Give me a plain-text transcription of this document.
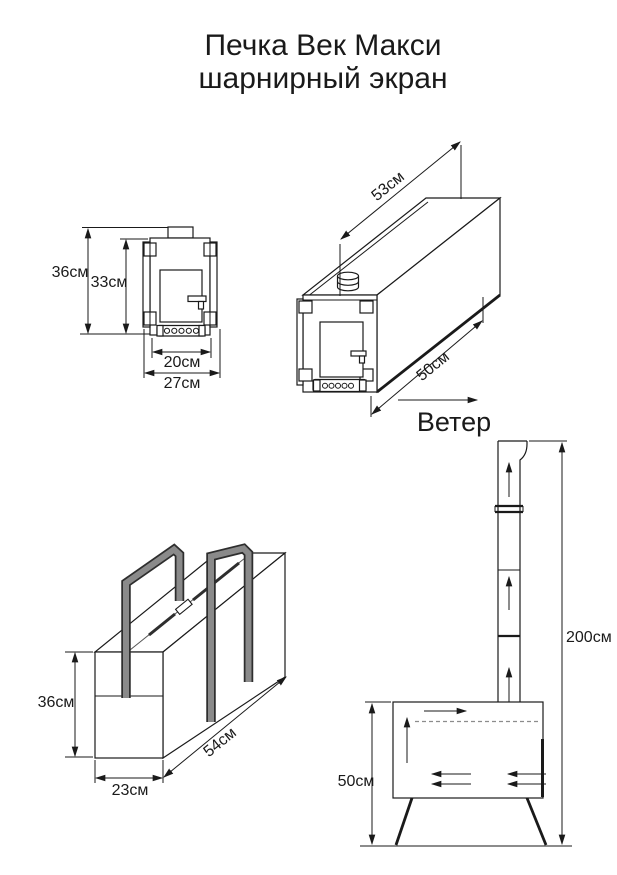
Печка Век Макси
шарнирный экран
36см
33см
20см
27см
53см
50см
Ветер
36см
23см
54см
50см
200см
